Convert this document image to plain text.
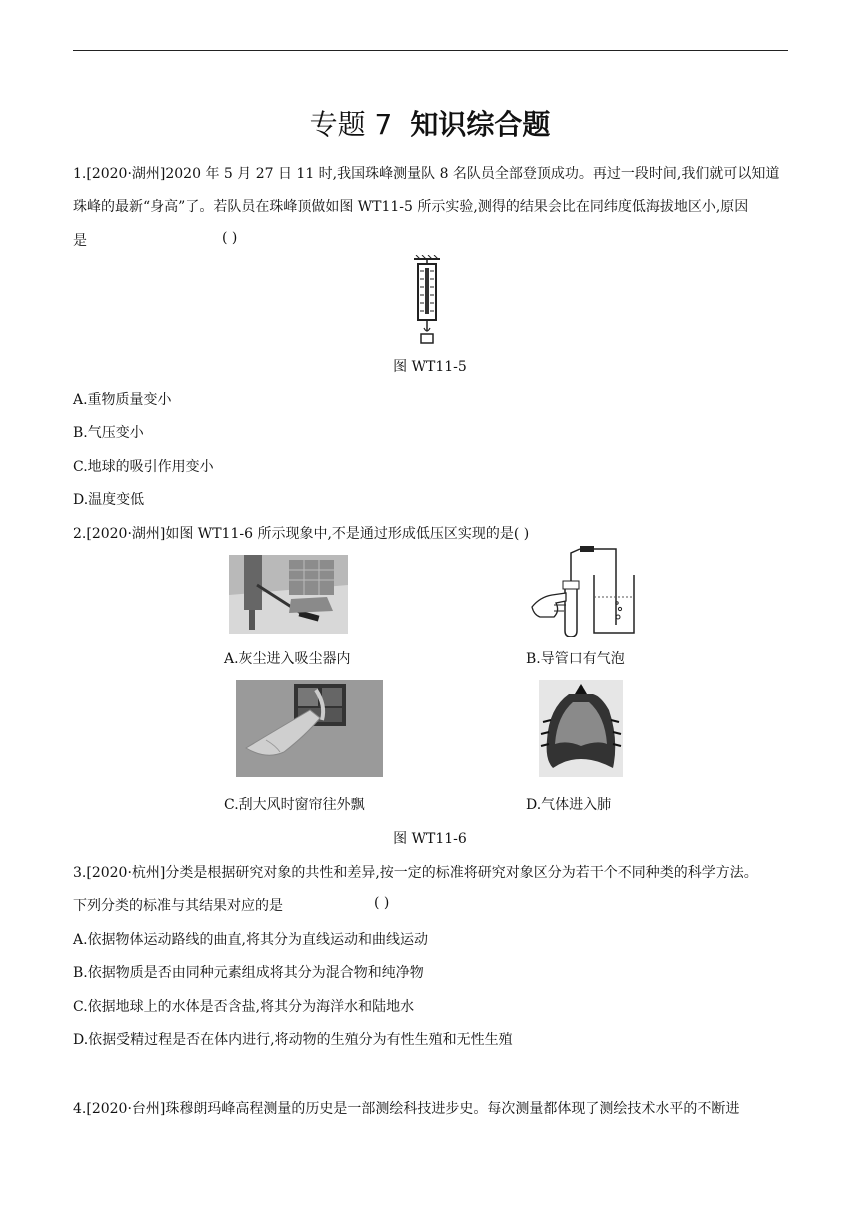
专题 7 知识综合题
1.[2020·湖州]2020 年 5 月 27 日 11 时,我国珠峰测量队 8 名队员全部登顶成功。再过一段时间,我们就可以知道
珠峰的最新“身高”了。若队员在珠峰顶做如图 WT11-5 所示实验,测得的结果会比在同纬度低海拔地区小,原因
是	( )
图 WT11-5
A.重物质量变小
B.气压变小
C.地球的吸引作用变小
D.温度变低
2.[2020·湖州]如图 WT11-6 所示现象中,不是通过形成低压区实现的是( )
A.灰尘进入吸尘器内	B.导管口有气泡
C.刮大风时窗帘往外飘	D.气体进入肺
图 WT11-6
3.[2020·杭州]分类是根据研究对象的共性和差异,按一定的标准将研究对象区分为若干个不同种类的科学方法。
下列分类的标准与其结果对应的是	( )
A.依据物体运动路线的曲直,将其分为直线运动和曲线运动
B.依据物质是否由同种元素组成将其分为混合物和纯净物
C.依据地球上的水体是否含盐,将其分为海洋水和陆地水
D.依据受精过程是否在体内进行,将动物的生殖分为有性生殖和无性生殖
4.[2020·台州]珠穆朗玛峰高程测量的历史是一部测绘科技进步史。每次测量都体现了测绘技术水平的不断进
